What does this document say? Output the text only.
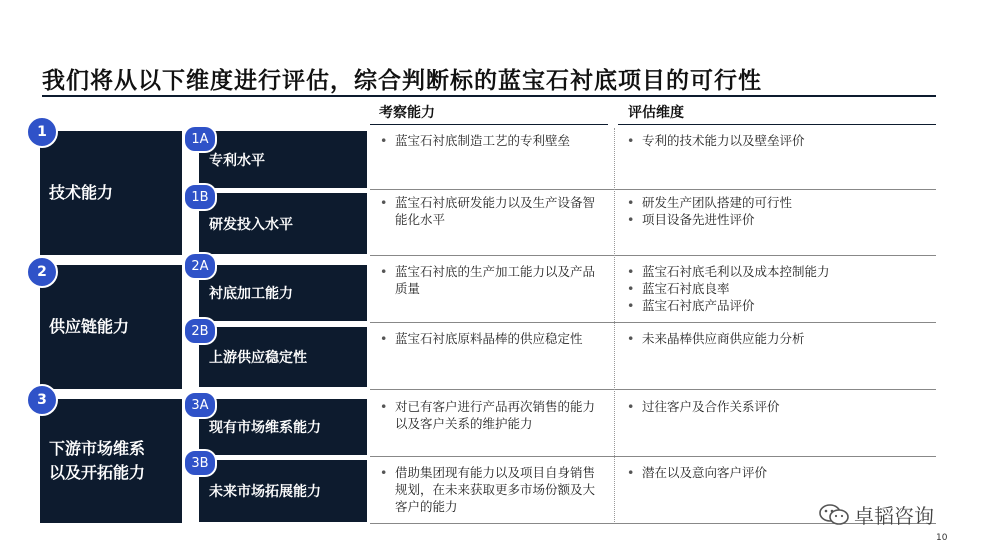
我们将从以下维度进行评估，综合判断标的蓝宝石衬底项目的可行性
考察能力	评估维度
技术能力
1
供应链能力
2
下游市场维系
以及开拓能力
3
专利水平
1A
研发投入水平
1B
衬底加工能力
2A
上游供应稳定性
2B
现有市场维系能力
3A
未来市场拓展能力
3B
• 蓝宝石衬底制造工艺的专利壁垒
• 蓝宝石衬底研发能力以及生产设备智能化水平
• 蓝宝石衬底的生产加工能力以及产品质量
• 蓝宝石衬底原料晶棒的供应稳定性
• 对已有客户进行产品再次销售的能力以及客户关系的维护能力
• 借助集团现有能力以及项目自身销售规划，在未来获取更多市场份额及大客户的能力
• 专利的技术能力以及壁垒评价
• 研发生产团队搭建的可行性
• 项目设备先进性评价
• 蓝宝石衬底毛利以及成本控制能力
• 蓝宝石衬底良率
• 蓝宝石衬底产品评价
• 未来晶棒供应商供应能力分析
• 过往客户及合作关系评价
• 潜在以及意向客户评价
卓韬咨询
10
